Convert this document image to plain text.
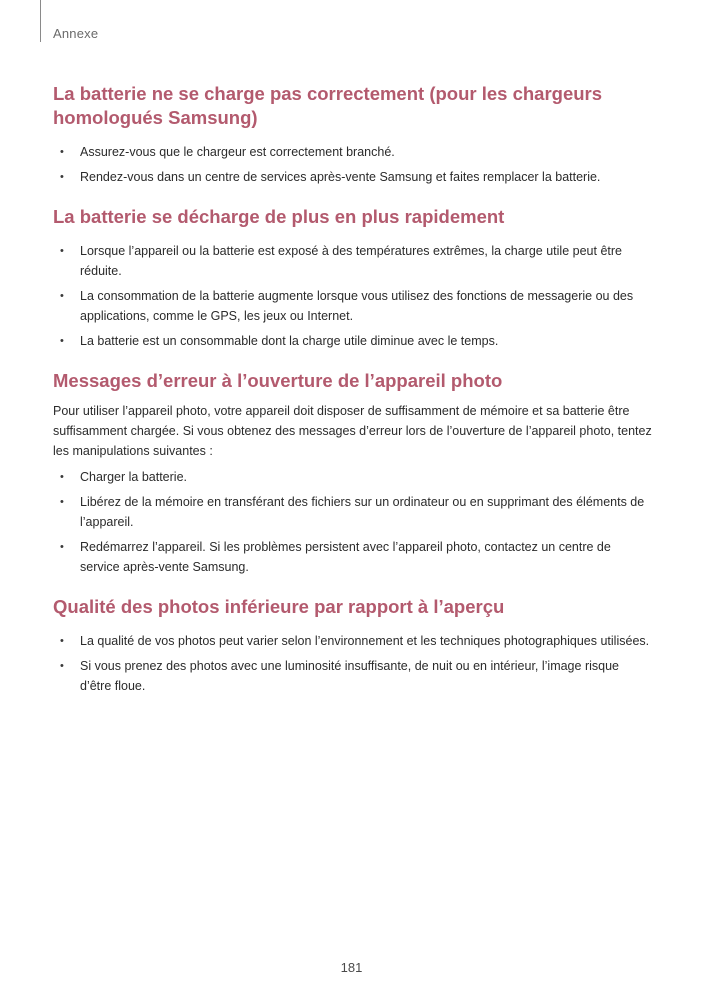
Annexe
La batterie ne se charge pas correctement (pour les chargeurs homologués Samsung)
• Assurez-vous que le chargeur est correctement branché.
• Rendez-vous dans un centre de services après-vente Samsung et faites remplacer la batterie.
La batterie se décharge de plus en plus rapidement
• Lorsque l’appareil ou la batterie est exposé à des températures extrêmes, la charge utile peut être réduite.
• La consommation de la batterie augmente lorsque vous utilisez des fonctions de messagerie ou des applications, comme le GPS, les jeux ou Internet.
• La batterie est un consommable dont la charge utile diminue avec le temps.
Messages d’erreur à l’ouverture de l’appareil photo

Pour utiliser l’appareil photo, votre appareil doit disposer de suffisamment de mémoire et sa batterie être suffisamment chargée. Si vous obtenez des messages d’erreur lors de l’ouverture de l’appareil photo, tentez les manipulations suivantes :

• Charger la batterie.
• Libérez de la mémoire en transférant des fichiers sur un ordinateur ou en supprimant des éléments de l’appareil.
• Redémarrez l’appareil. Si les problèmes persistent avec l’appareil photo, contactez un centre de service après-vente Samsung.
Qualité des photos inférieure par rapport à l’aperçu
• La qualité de vos photos peut varier selon l’environnement et les techniques photographiques utilisées.
• Si vous prenez des photos avec une luminosité insuffisante, de nuit ou en intérieur, l’image risque d’être floue.
181
